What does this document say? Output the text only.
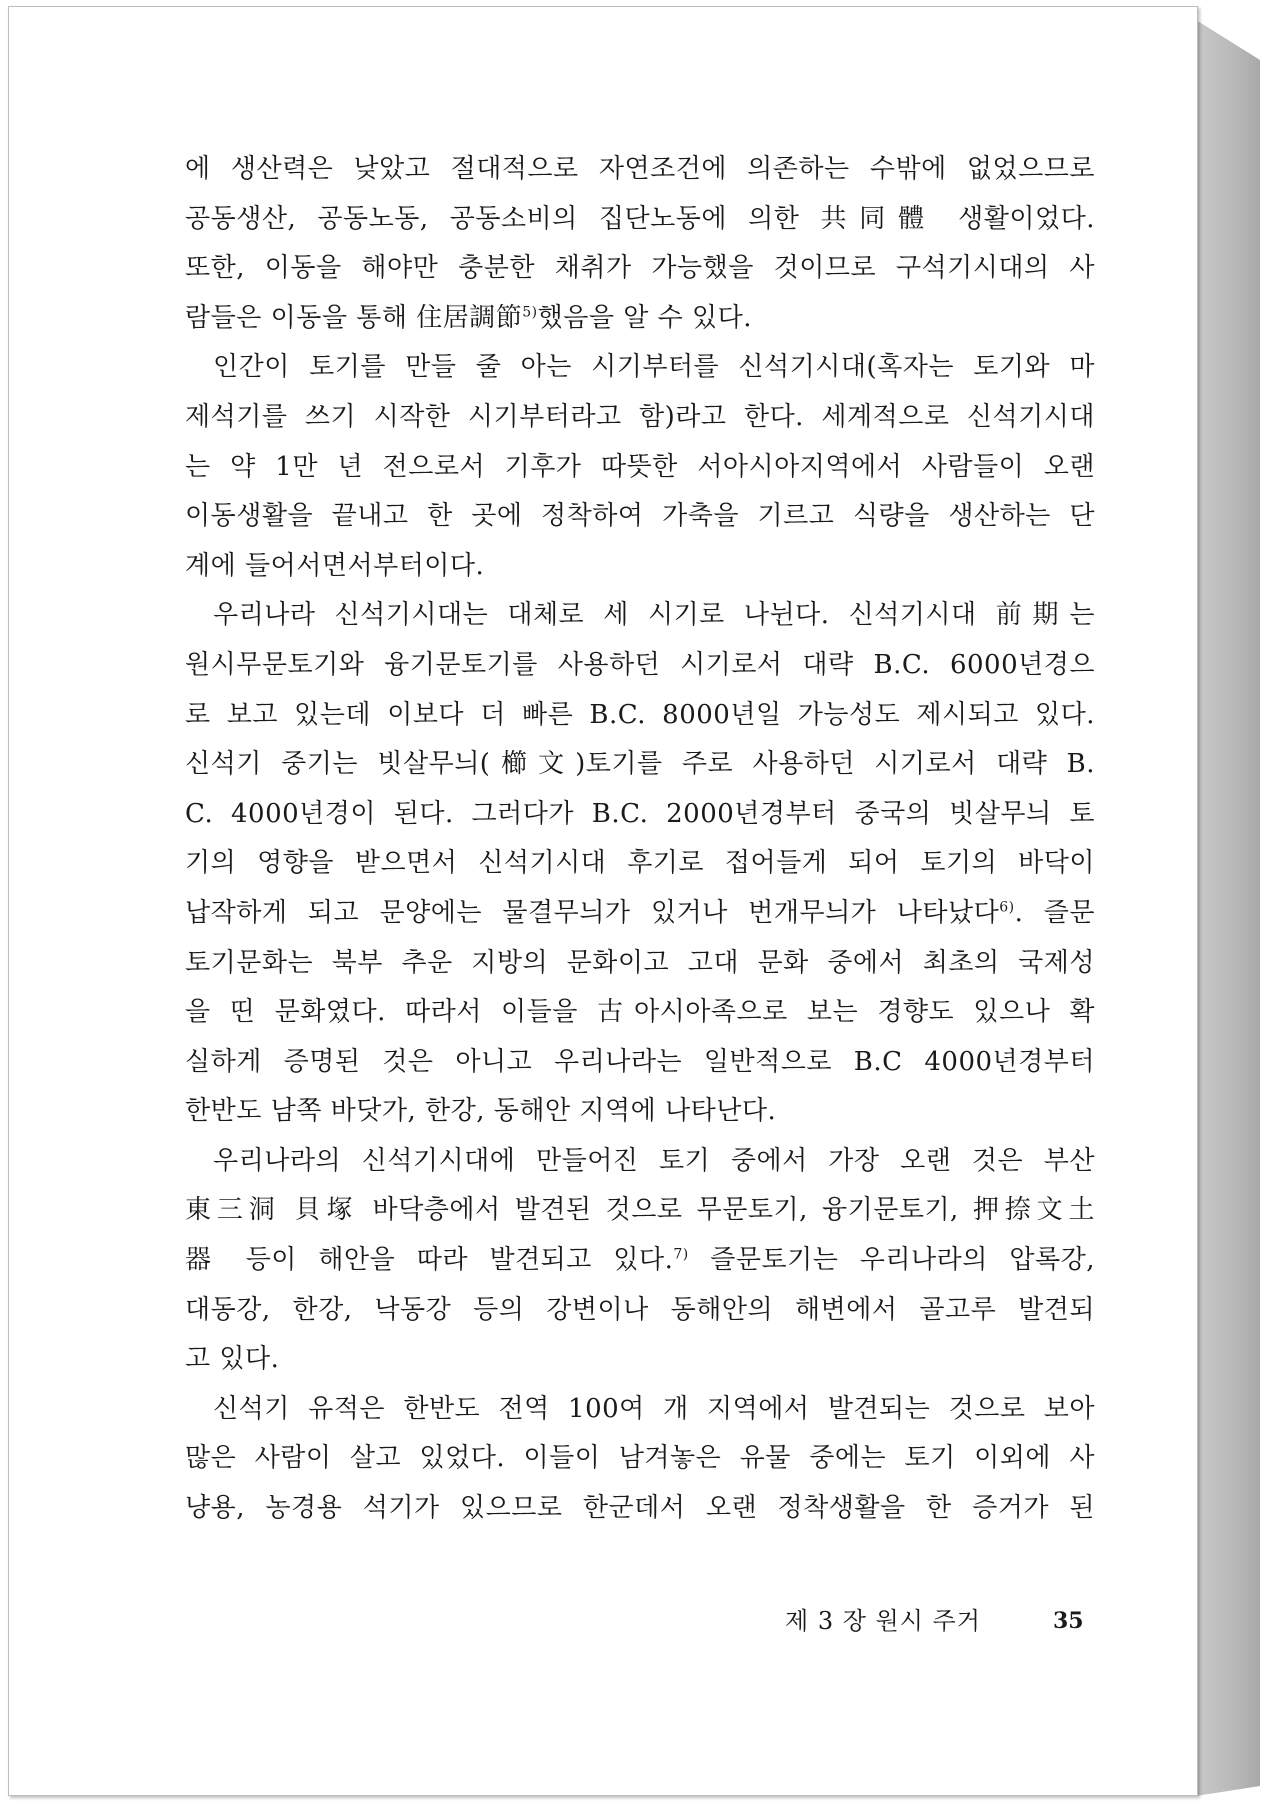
에 생산력은 낮았고 절대적으로 자연조건에 의존하는 수밖에 없었으므로
공동생산, 공동노동, 공동소비의 집단노동에 의한 共同體 생활이었다.
또한, 이동을 해야만 충분한 채취가 가능했을 것이므로 구석기시대의 사
람들은 이동을 통해 住居調節$^{5)}$했음을 알 수 있다.
인간이 토기를 만들 줄 아는 시기부터를 신석기시대(혹자는 토기와 마
제석기를 쓰기 시작한 시기부터라고 함)라고 한다. 세계적으로 신석기시대
는 약 1만 년 전으로서 기후가 따뜻한 서아시아지역에서 사람들이 오랜
이동생활을 끝내고 한 곳에 정착하여 가축을 기르고 식량을 생산하는 단
계에 들어서면서부터이다.
우리나라 신석기시대는 대체로 세 시기로 나뉜다. 신석기시대 前期는
원시무문토기와 융기문토기를 사용하던 시기로서 대략 B.C. 6000년경으
로 보고 있는데 이보다 더 빠른 B.C. 8000년일 가능성도 제시되고 있다.
신석기 중기는 빗살무늬(櫛文)토기를 주로 사용하던 시기로서 대략 B.
C. 4000년경이 된다. 그러다가 B.C. 2000년경부터 중국의 빗살무늬 토
기의 영향을 받으면서 신석기시대 후기로 접어들게 되어 토기의 바닥이
납작하게 되고 문양에는 물결무늬가 있거나 번개무늬가 나타났다$^{6)}$. 즐문
토기문화는 북부 추운 지방의 문화이고 고대 문화 중에서 최초의 국제성
을 띤 문화였다. 따라서 이들을 古아시아족으로 보는 경향도 있으나 확
실하게 증명된 것은 아니고 우리나라는 일반적으로 B.C 4000년경부터
한반도 남쪽 바닷가, 한강, 동해안 지역에 나타난다.
우리나라의 신석기시대에 만들어진 토기 중에서 가장 오랜 것은 부산
東三洞 貝塚 바닥층에서 발견된 것으로 무문토기, 융기문토기, 押捺文土
器 등이 해안을 따라 발견되고 있다.$^{7)}$ 즐문토기는 우리나라의 압록강,
대동강, 한강, 낙동강 등의 강변이나 동해안의 해변에서 골고루 발견되
고 있다.
신석기 유적은 한반도 전역 100여 개 지역에서 발견되는 것으로 보아
많은 사람이 살고 있었다. 이들이 남겨놓은 유물 중에는 토기 이외에 사
냥용, 농경용 석기가 있으므로 한군데서 오랜 정착생활을 한 증거가 된
제 3 장 원시 주거	35
